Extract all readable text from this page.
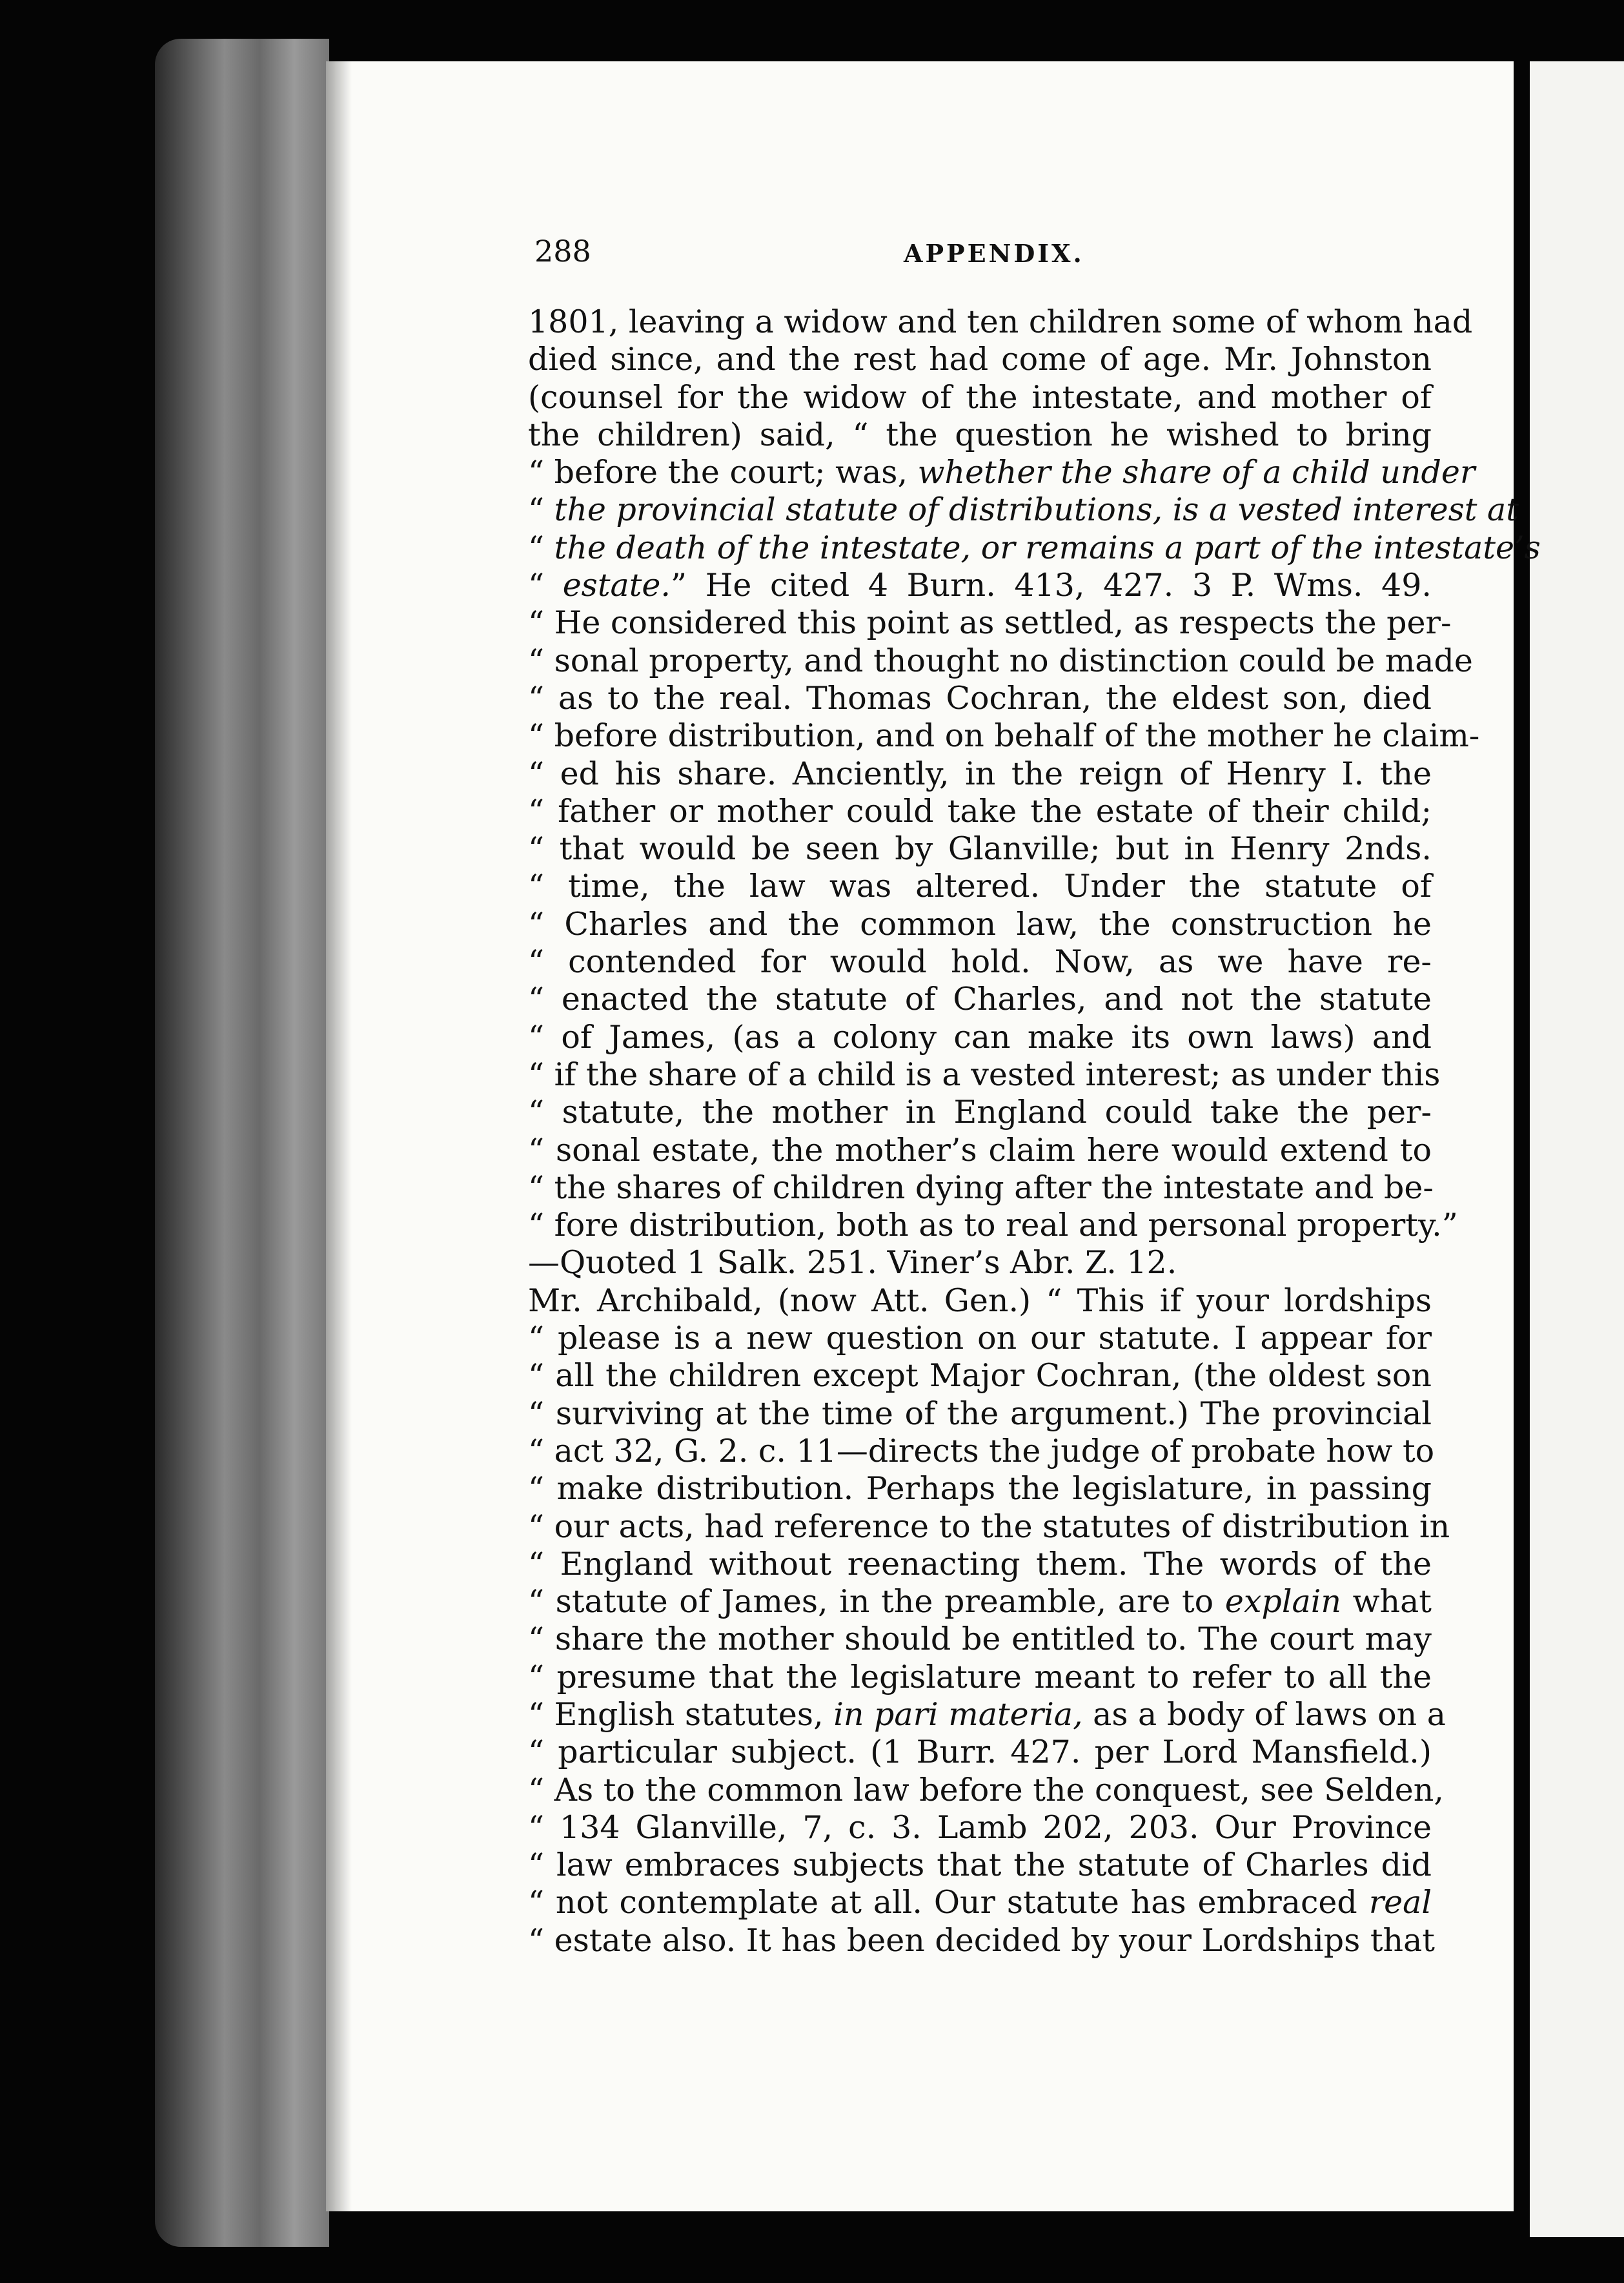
288	APPENDIX.
1801, leaving a widow and ten children some of whom had
died since, and the rest had come of age. Mr. Johnston
(counsel for the widow of the intestate, and mother of
the children) said, “ the question he wished to bring
“ before the court; was, whether the share of a child under
“ the provincial statute of distributions, is a vested interest at
“ the death of the intestate, or remains a part of the intestate’s
“ estate.” He cited 4 Burn. 413, 427. 3 P. Wms. 49.
“ He considered this point as settled, as respects the per-
“ sonal property, and thought no distinction could be made
“ as to the real. Thomas Cochran, the eldest son, died
“ before distribution, and on behalf of the mother he claim-
“ ed his share. Anciently, in the reign of Henry I. the
“ father or mother could take the estate of their child;
“ that would be seen by Glanville; but in Henry 2nds.
“ time, the law was altered. Under the statute of
“ Charles and the common law, the construction he
“ contended for would hold. Now, as we have re-
“ enacted the statute of Charles, and not the statute
“ of James, (as a colony can make its own laws) and
“ if the share of a child is a vested interest; as under this
“ statute, the mother in England could take the per-
“ sonal estate, the mother’s claim here would extend to
“ the shares of children dying after the intestate and be-
“ fore distribution, both as to real and personal property.”
—Quoted 1 Salk. 251. Viner’s Abr. Z. 12.
Mr. Archibald, (now Att. Gen.) “ This if your lordships
“ please is a new question on our statute. I appear for
“ all the children except Major Cochran, (the oldest son
“ surviving at the time of the argument.) The provincial
“ act 32, G. 2. c. 11—directs the judge of probate how to
“ make distribution. Perhaps the legislature, in passing
“ our acts, had reference to the statutes of distribution in
“ England without reenacting them. The words of the
“ statute of James, in the preamble, are to explain what
“ share the mother should be entitled to. The court may
“ presume that the legislature meant to refer to all the
“ English statutes, in pari materia, as a body of laws on a
“ particular subject. (1 Burr. 427. per Lord Mansfield.)
“ As to the common law before the conquest, see Selden,
“ 134 Glanville, 7, c. 3. Lamb 202, 203. Our Province
“ law embraces subjects that the statute of Charles did
“ not contemplate at all. Our statute has embraced real
“ estate also. It has been decided by your Lordships that
